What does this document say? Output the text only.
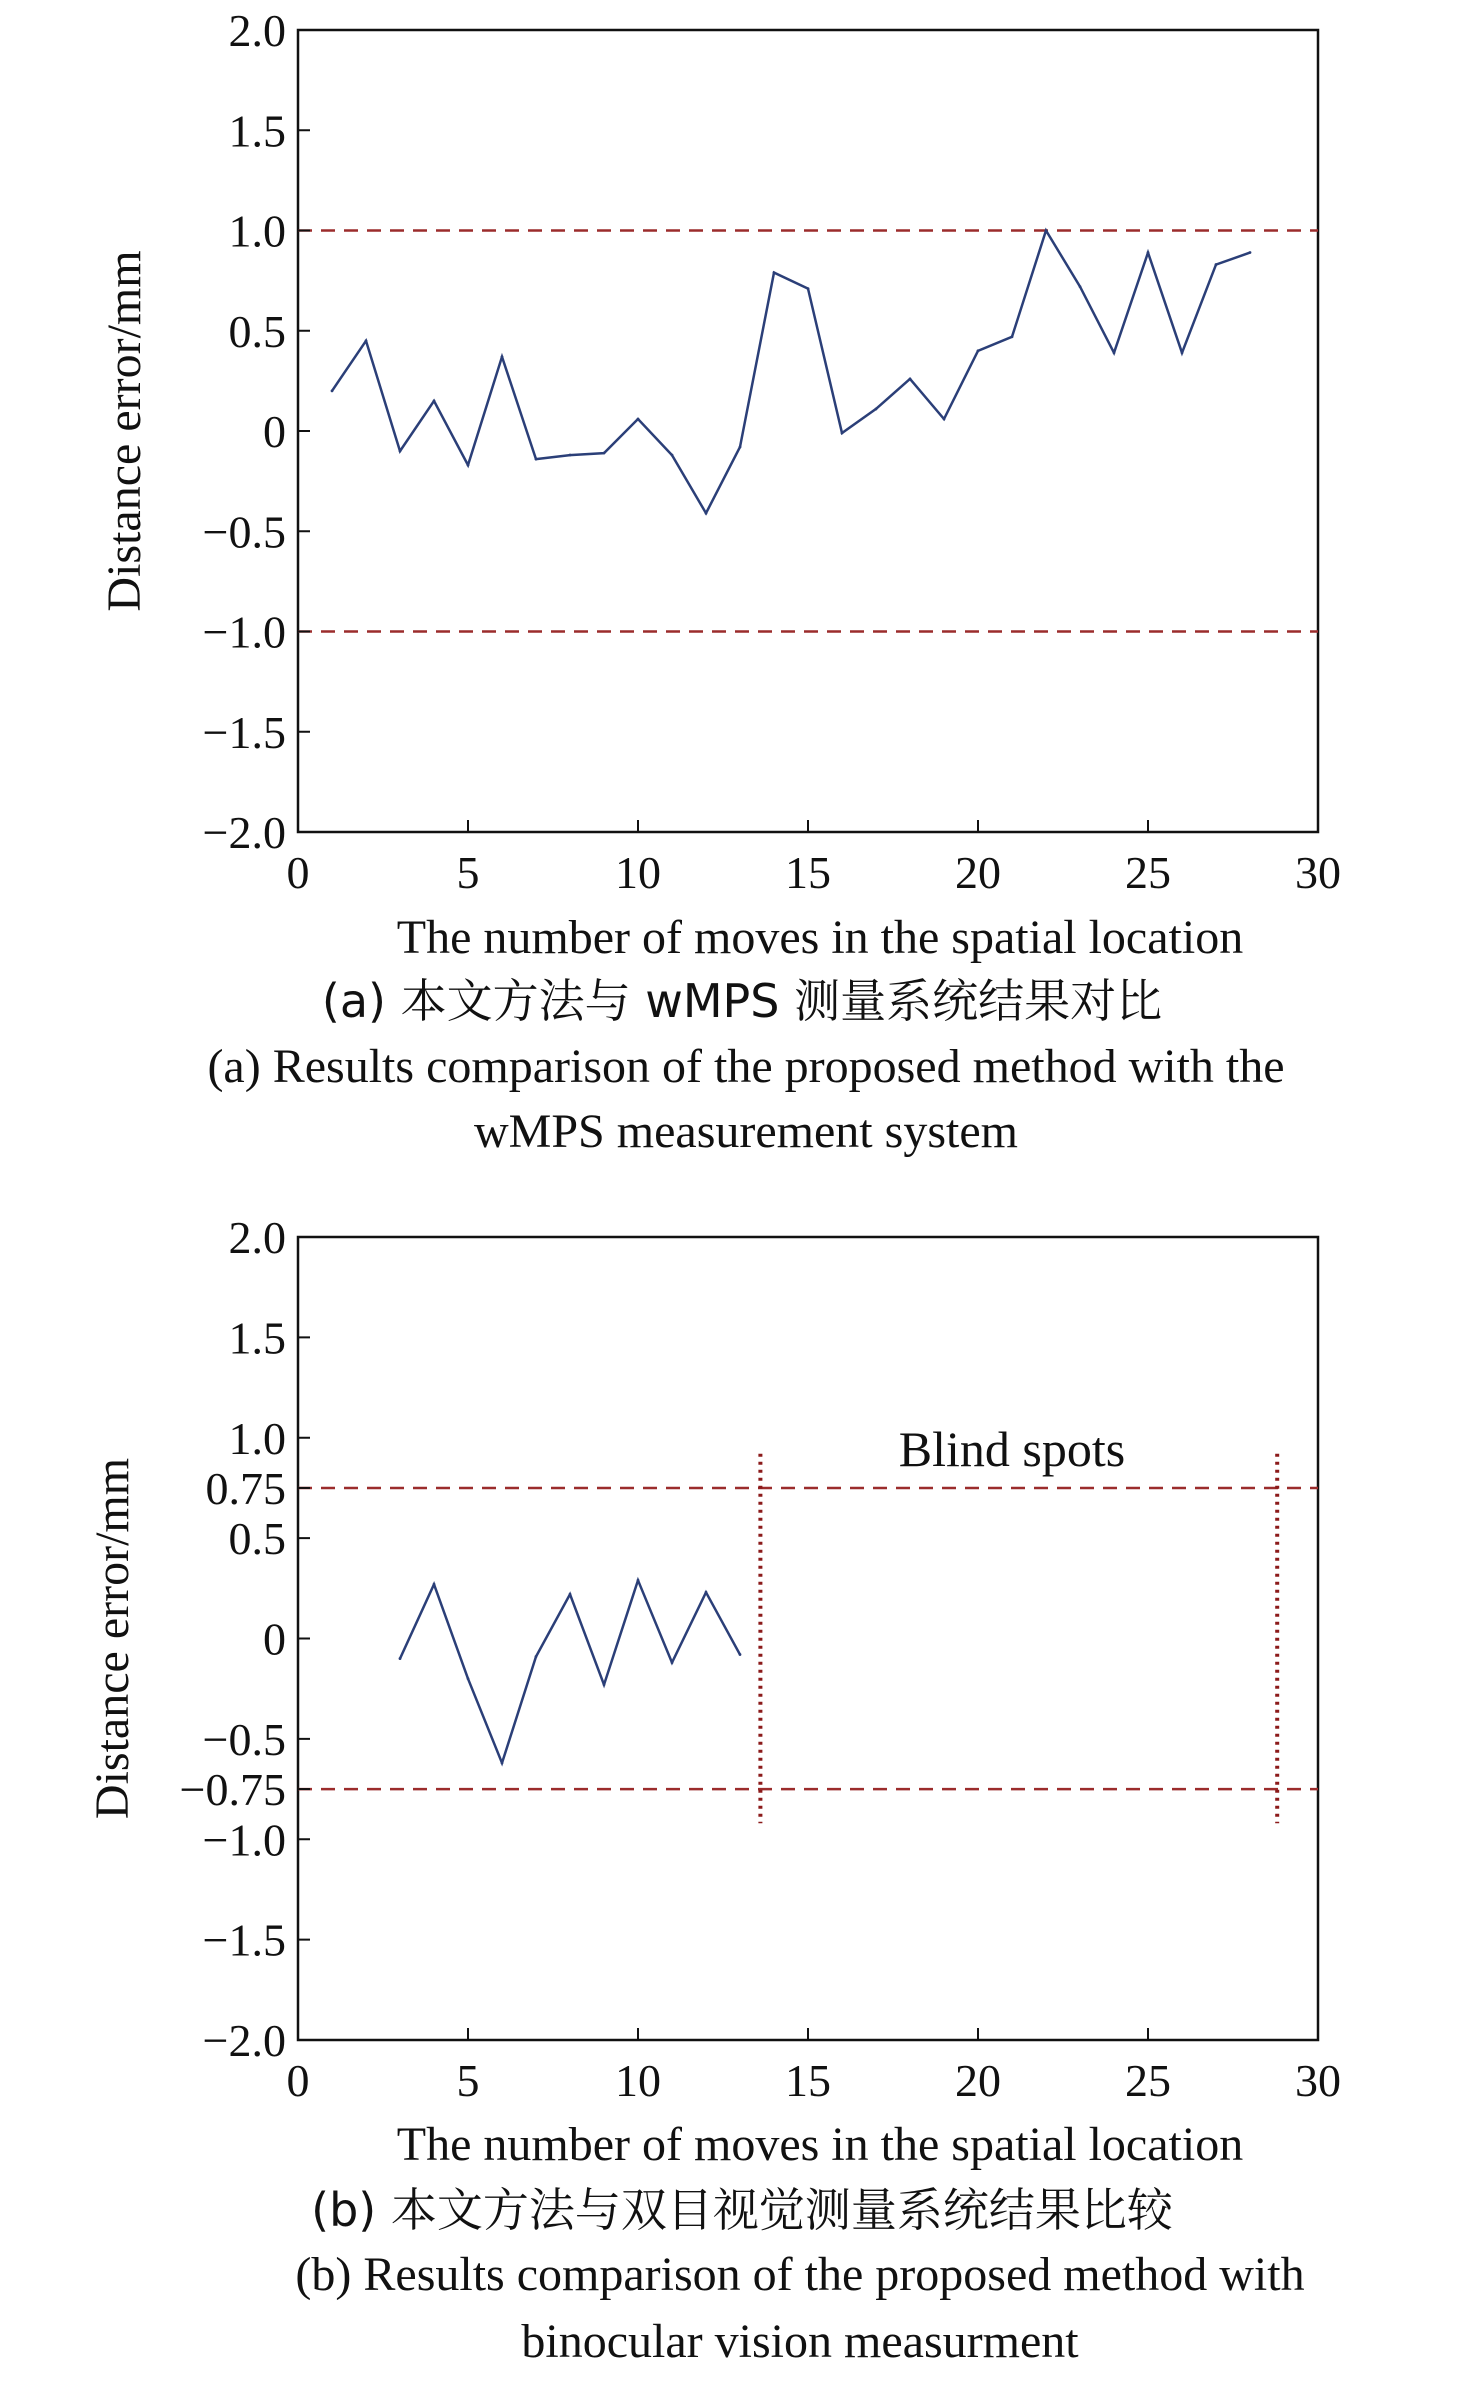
2.0
1.5
1.0
0.5
0
−0.5
−1.0
−1.5
−2.0
0	5	10	15	20	25	30
Distance error/mm
The number of moves in the spatial location
(a) 本文方法与 wMPS 测量系统结果对比
(a) Results comparison of the proposed method with the
wMPS measurement system
2.0
1.5
1.0
0.75
0.5
0
−0.5
−0.75
−1.0
−1.5
−2.0
0	5	10	15	20	25	30
Blind spots
Distance error/mm
The number of moves in the spatial location
(b) 本文方法与双目视觉测量系统结果比较
(b) Results comparison of the proposed method with
binocular vision measurment
